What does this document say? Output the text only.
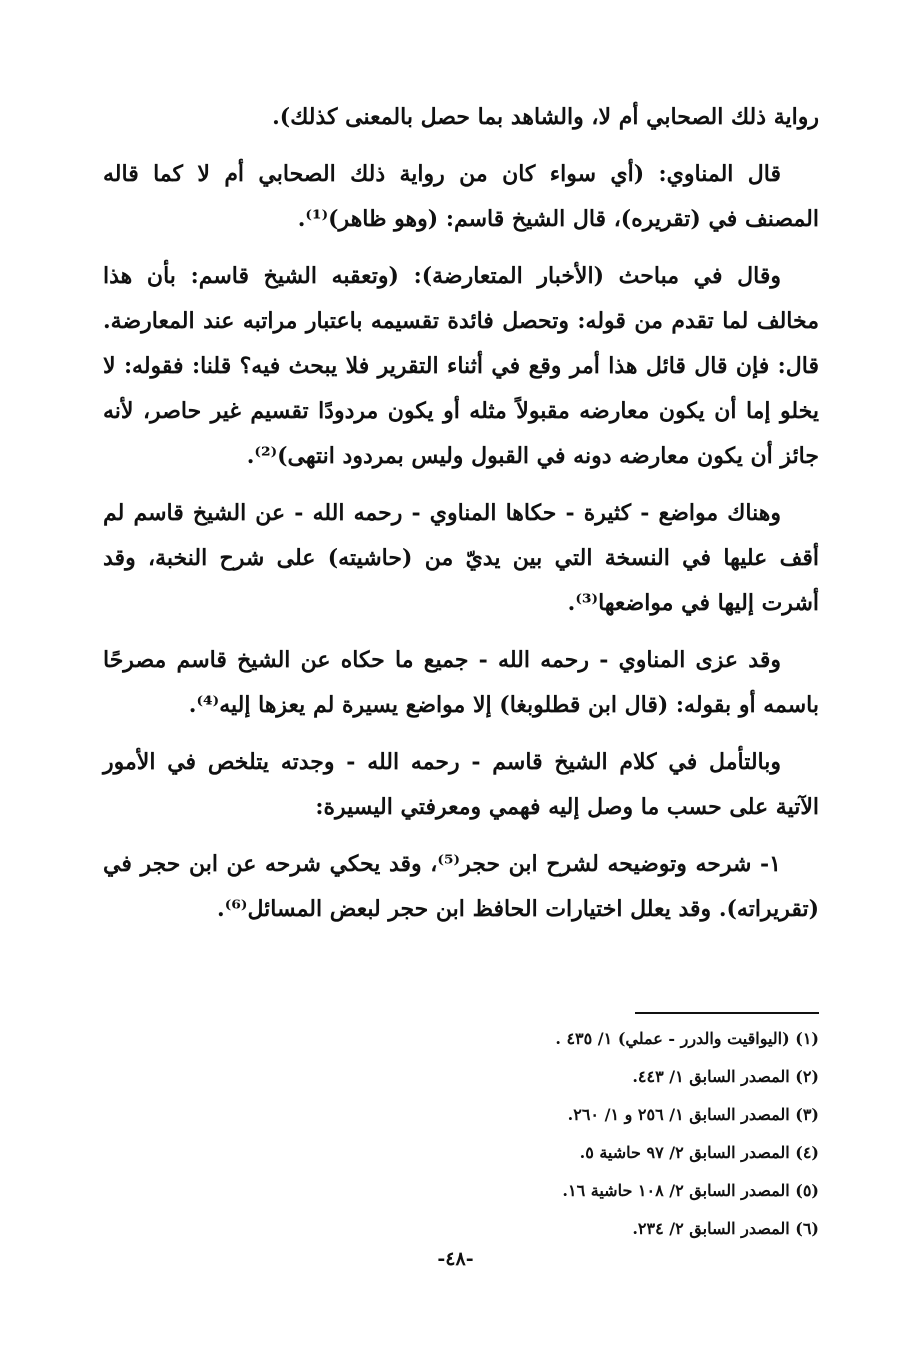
رواية ذلك الصحابي أم لا، والشاهد بما حصل بالمعنى كذلك).

قال المناوي: (أي سواء كان من رواية ذلك الصحابي أم لا كما قاله المصنف في (تقريره)، قال الشيخ قاسم: (وهو ظاهر)⁽¹⁾.

وقال في مباحث (الأخبار المتعارضة): (وتعقبه الشيخ قاسم: بأن هذا مخالف لما تقدم من قوله: وتحصل فائدة تقسيمه باعتبار مراتبه عند المعارضة. قال: فإن قال قائل هذا أمر وقع في أثناء التقرير فلا يبحث فيه؟ قلنا: فقوله: لا يخلو إما أن يكون معارضه مقبولاً مثله أو يكون مردودًا تقسيم غير حاصر، لأنه جائز أن يكون معارضه دونه في القبول وليس بمردود انتهى)⁽²⁾.

وهناك مواضع - كثيرة - حكاها المناوي - رحمه الله - عن الشيخ قاسم لم أقف عليها في النسخة التي بين يديّ من (حاشيته) على شرح النخبة، وقد أشرت إليها في مواضعها⁽³⁾.

وقد عزى المناوي - رحمه الله - جميع ما حكاه عن الشيخ قاسم مصرحًا باسمه أو بقوله: (قال ابن قطلوبغا) إلا مواضع يسيرة لم يعزها إليه⁽⁴⁾.

وبالتأمل في كلام الشيخ قاسم - رحمه الله - وجدته يتلخص في الأمور الآتية على حسب ما وصل إليه فهمي ومعرفتي اليسيرة:

١- شرحه وتوضيحه لشرح ابن حجر⁽⁵⁾، وقد يحكي شرحه عن ابن حجر في (تقريراته). وقد يعلل اختيارات الحافظ ابن حجر لبعض المسائل⁽⁶⁾.

(١) (اليواقيت والدرر - عملي) ١/ ٤٣٥ .

(٢) المصدر السابق ١/ ٤٤٣.

(٣) المصدر السابق ١/ ٢٥٦ و ١/ ٢٦٠.

(٤) المصدر السابق ٢/ ٩٧ حاشية ٥.

(٥) المصدر السابق ٢/ ١٠٨ حاشية ١٦.

(٦) المصدر السابق ٢/ ٢٣٤.

-٤٨-
